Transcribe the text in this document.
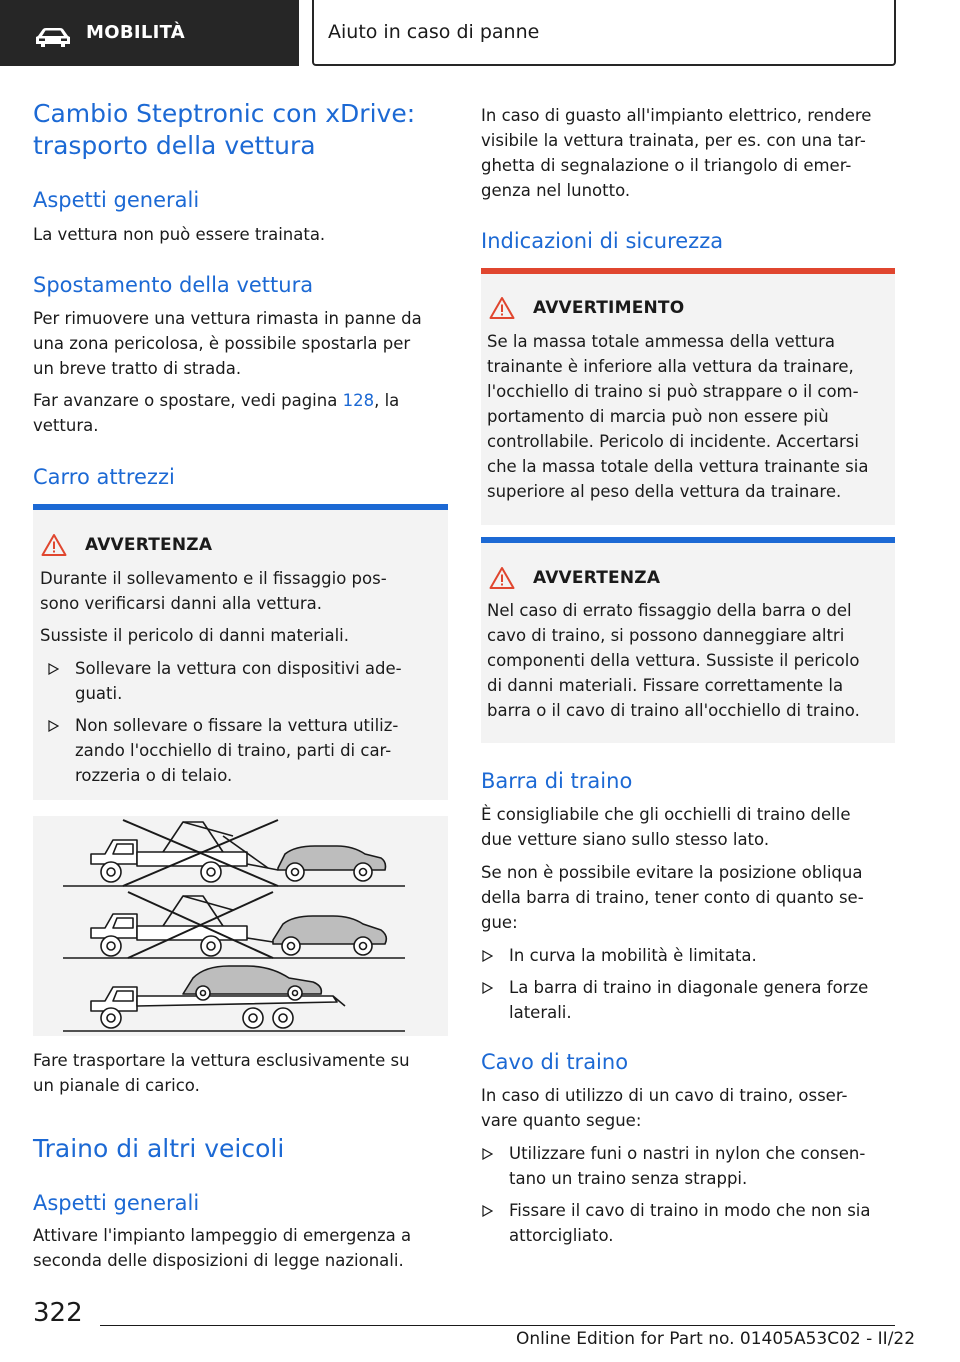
MOBILITÀ	Aiuto in caso di panne
Cambio Steptronic con xDrive:
trasporto della vettura
Aspetti generali
La vettura non può essere trainata.
Spostamento della vettura
Per rimuovere una vettura rimasta in panne da
una zona pericolosa, è possibile spostarla per
un breve tratto di strada.
Far avanzare o spostare, vedi pagina 128, la
vettura.
Carro attrezzi
AVVERTENZA
Durante il sollevamento e il fissaggio pos-
sono verificarsi danni alla vettura.
Sussiste il pericolo di danni materiali.
Sollevare la vettura con dispositivi ade-
guati.
Non sollevare o fissare la vettura utiliz-
zando l'occhiello di traino, parti di car-
rozzeria o di telaio.
Fare trasportare la vettura esclusivamente su
un pianale di carico.
Traino di altri veicoli
Aspetti generali
Attivare l'impianto lampeggio di emergenza a
seconda delle disposizioni di legge nazionali.
In caso di guasto all'impianto elettrico, rendere
visibile la vettura trainata, per es. con una tar-
ghetta di segnalazione o il triangolo di emer-
genza nel lunotto.
Indicazioni di sicurezza
AVVERTIMENTO
Se la massa totale ammessa della vettura
trainante è inferiore alla vettura da trainare,
l'occhiello di traino si può strappare o il com-
portamento di marcia può non essere più
controllabile. Pericolo di incidente. Accertarsi
che la massa totale della vettura trainante sia
superiore al peso della vettura da trainare.
AVVERTENZA
Nel caso di errato fissaggio della barra o del
cavo di traino, si possono danneggiare altri
componenti della vettura. Sussiste il pericolo
di danni materiali. Fissare correttamente la
barra o il cavo di traino all'occhiello di traino.
Barra di traino
È consigliabile che gli occhielli di traino delle
due vetture siano sullo stesso lato.
Se non è possibile evitare la posizione obliqua
della barra di traino, tener conto di quanto se-
gue:
In curva la mobilità è limitata.
La barra di traino in diagonale genera forze
laterali.
Cavo di traino
In caso di utilizzo di un cavo di traino, osser-
vare quanto segue:
Utilizzare funi o nastri in nylon che consen-
tano un traino senza strappi.
Fissare il cavo di traino in modo che non sia
attorcigliato.
322
Online Edition for Part no. 01405A53C02 - II/22
